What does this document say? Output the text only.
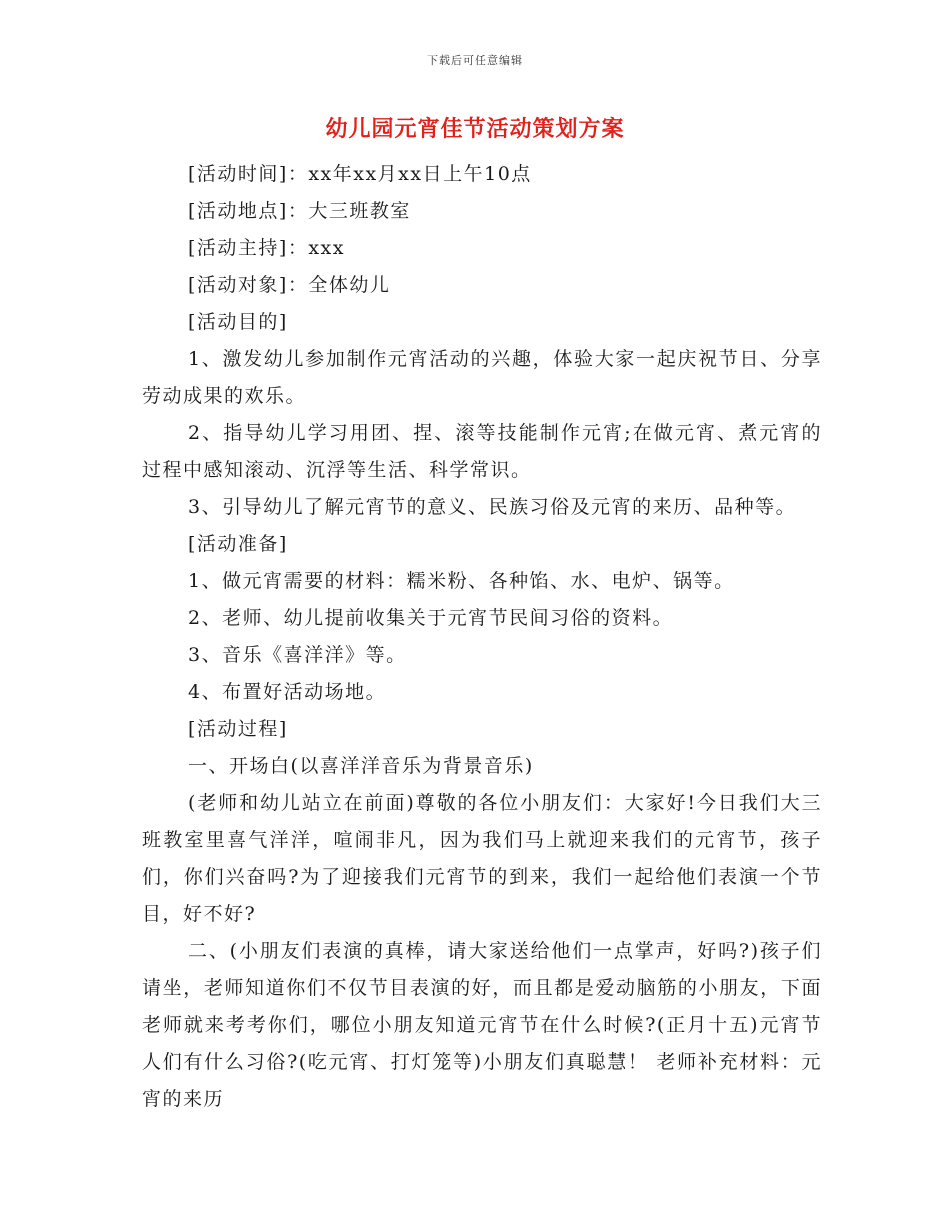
下载后可任意编辑
幼儿园元宵佳节活动策划方案

[活动时间]：xx年xx月xx日上午10点

[活动地点]：大三班教室

[活动主持]：xxx

[活动对象]：全体幼儿

[活动目的]

1、激发幼儿参加制作元宵活动的兴趣，体验大家一起庆祝节日、分享劳动成果的欢乐。

2、指导幼儿学习用团、捏、滚等技能制作元宵;在做元宵、煮元宵的过程中感知滚动、沉浮等生活、科学常识。

3、引导幼儿了解元宵节的意义、民族习俗及元宵的来历、品种等。

[活动准备]

1、做元宵需要的材料：糯米粉、各种馅、水、电炉、锅等。

2、老师、幼儿提前收集关于元宵节民间习俗的资料。

3、音乐《喜洋洋》等。

4、布置好活动场地。

[活动过程]

一、开场白(以喜洋洋音乐为背景音乐)

(老师和幼儿站立在前面)尊敬的各位小朋友们：大家好!今日我们大三班教室里喜气洋洋，喧闹非凡，因为我们马上就迎来我们的元宵节，孩子们，你们兴奋吗?为了迎接我们元宵节的到来，我们一起给他们表演一个节目，好不好?

二、(小朋友们表演的真棒，请大家送给他们一点掌声，好吗?)孩子们请坐，老师知道你们不仅节目表演的好，而且都是爱动脑筋的小朋友，下面老师就来考考你们，哪位小朋友知道元宵节在什么时候?(正月十五)元宵节人们有什么习俗?(吃元宵、打灯笼等)小朋友们真聪慧！ 老师补充材料：元宵的来历
